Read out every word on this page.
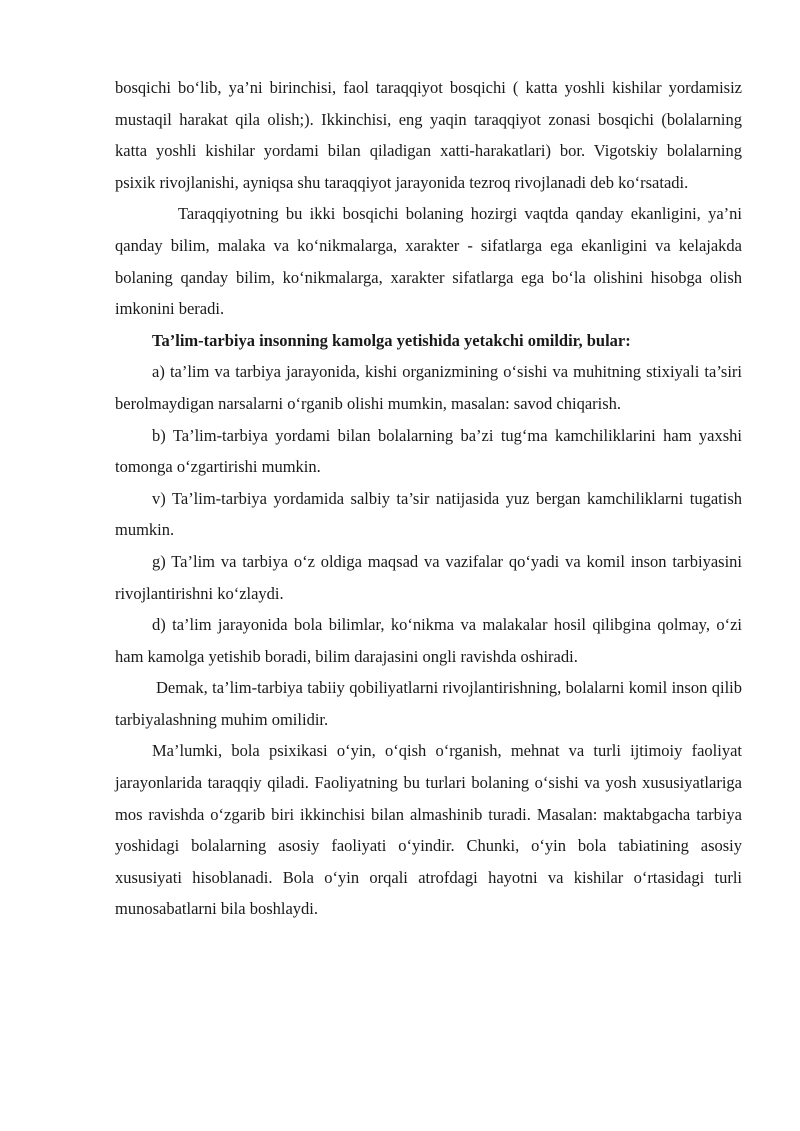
bosqichi bo‘lib, ya’ni birinchisi, faol taraqqiyot bosqichi ( katta yoshli kishilar yordamisiz mustaqil harakat qila olish;). Ikkinchisi, eng yaqin taraqqiyot zonasi bosqichi (bolalarning katta yoshli kishilar yordami bilan qiladigan xatti-harakatlari) bor. Vigotskiy bolalarning psixik rivojlanishi, ayniqsa shu taraqqiyot jarayonida tezroq rivojlanadi deb ko‘rsatadi.

Taraqqiyotning bu ikki bosqichi bolaning hozirgi vaqtda qanday ekanligini, ya’ni qanday bilim, malaka va ko‘nikmalarga, xarakter - sifatlarga ega ekanligini va kelajakda bolaning qanday bilim, ko‘nikmalarga, xarakter sifatlarga ega bo‘la olishini hisobga olish imkonini beradi.

Ta’lim-tarbiya insonning kamolga yetishida yetakchi omildir, bular:

a) ta’lim va tarbiya jarayonida, kishi organizmining o‘sishi va muhitning stixiyali ta’siri berolmaydigan narsalarni o‘rganib olishi mumkin, masalan: savod chiqarish.

b) Ta’lim-tarbiya yordami bilan bolalarning ba’zi tug‘ma kamchiliklarini ham yaxshi tomonga o‘zgartirishi mumkin.

v) Ta’lim-tarbiya yordamida salbiy ta’sir natijasida yuz bergan kamchiliklarni tugatish mumkin.

g) Ta’lim va tarbiya o‘z oldiga maqsad va vazifalar qo‘yadi va komil inson tarbiyasini rivojlantirishni ko‘zlaydi.

d) ta’lim jarayonida bola bilimlar, ko‘nikma va malakalar hosil qilibgina qolmay, o‘zi ham kamolga yetishib boradi, bilim darajasini ongli ravishda oshiradi.

Demak, ta’lim-tarbiya tabiiy qobiliyatlarni rivojlantirishning, bolalarni komil inson qilib tarbiyalashning muhim omilidir.

Ma’lumki, bola psixikasi o‘yin, o‘qish o‘rganish, mehnat va turli ijtimoiy faoliyat jarayonlarida taraqqiy qiladi. Faoliyatning bu turlari bolaning o‘sishi va yosh xususiyatlariga mos ravishda o‘zgarib biri ikkinchisi bilan almashinib turadi. Masalan: maktabgacha tarbiya yoshidagi bolalarning asosiy faoliyati o‘yindir. Chunki, o‘yin bola tabiatining asosiy xususiyati hisoblanadi. Bola o‘yin orqali atrofdagi hayotni va kishilar o‘rtasidagi turli munosabatlarni bila boshlaydi.
